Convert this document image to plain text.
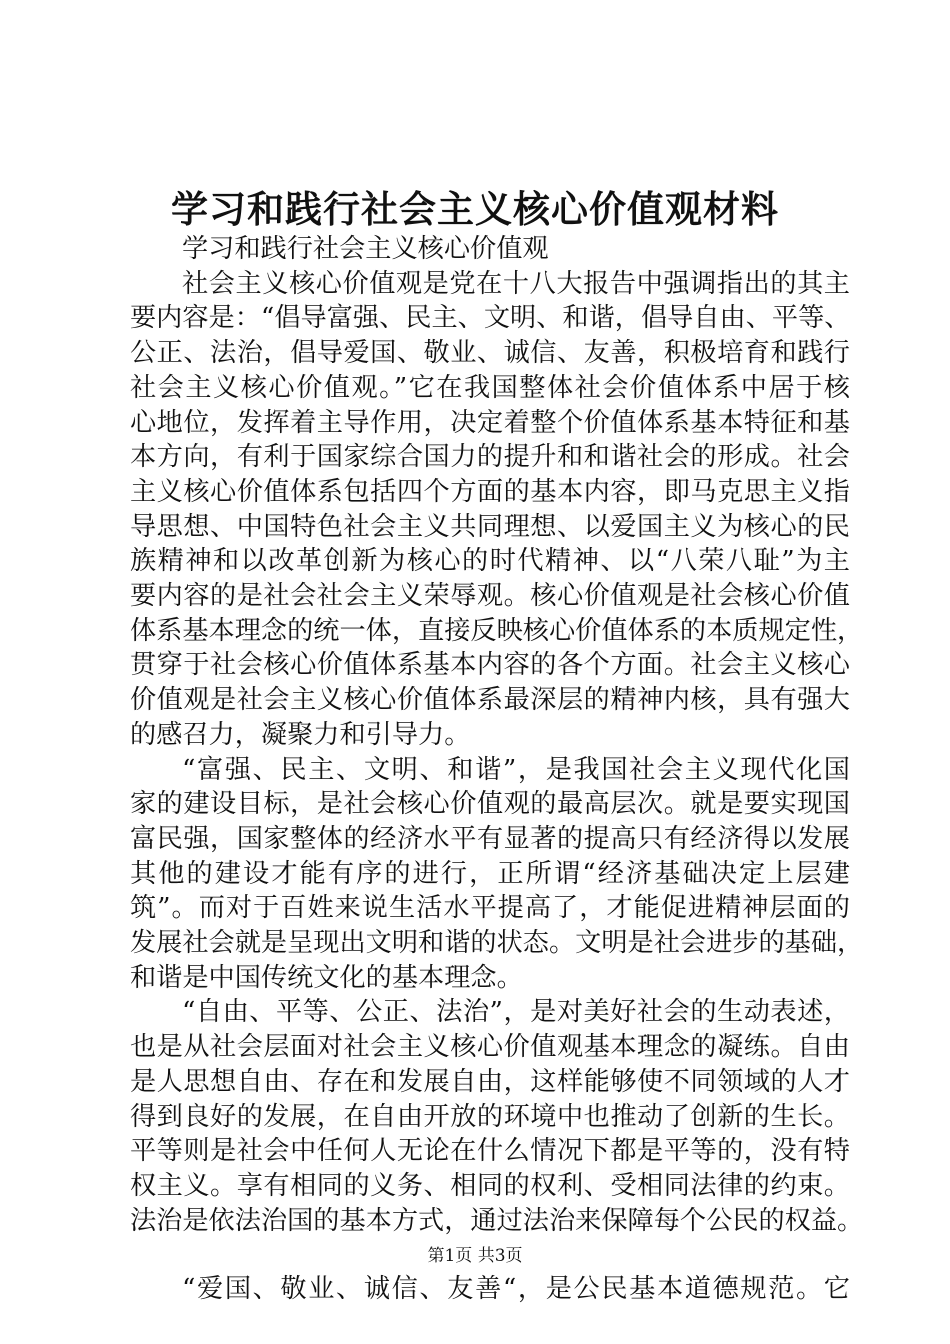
学习和践行社会主义核心价值观材料
学习和践行社会主义核心价值观
社会主义核心价值观是党在十八大报告中强调指出的其主
要内容是：“倡导富强、民主、文明、和谐，倡导自由、平等、
公正、法治，倡导爱国、敬业、诚信、友善，积极培育和践行
社会主义核心价值观。”它在我国整体社会价值体系中居于核
心地位，发挥着主导作用，决定着整个价值体系基本特征和基
本方向，有利于国家综合国力的提升和和谐社会的形成。社会
主义核心价值体系包括四个方面的基本内容，即马克思主义指
导思想、中国特色社会主义共同理想、以爱国主义为核心的民
族精神和以改革创新为核心的时代精神、以“八荣八耻”为主
要内容的是社会社会主义荣辱观。核心价值观是社会核心价值
体系基本理念的统一体，直接反映核心价值体系的本质规定性，
贯穿于社会核心价值体系基本内容的各个方面。社会主义核心
价值观是社会主义核心价值体系最深层的精神内核，具有强大
的感召力，凝聚力和引导力。
“富强、民主、文明、和谐”，是我国社会主义现代化国
家的建设目标，是社会核心价值观的最高层次。就是要实现国
富民强，国家整体的经济水平有显著的提高只有经济得以发展
其他的建设才能有序的进行，正所谓“经济基础决定上层建
筑”。而对于百姓来说生活水平提高了，才能促进精神层面的
发展社会就是呈现出文明和谐的状态。文明是社会进步的基础，
和谐是中国传统文化的基本理念。
“自由、平等、公正、法治”，是对美好社会的生动表述，
也是从社会层面对社会主义核心价值观基本理念的凝练。自由
是人思想自由、存在和发展自由，这样能够使不同领域的人才
得到良好的发展，在自由开放的环境中也推动了创新的生长。
平等则是社会中任何人无论在什么情况下都是平等的，没有特
权主义。享有相同的义务、相同的权利、受相同法律的约束。
法治是依法治国的基本方式，通过法治来保障每个公民的权益。
“爱国、敬业、诚信、友善“，是公民基本道德规范。它
第1页 共3页
